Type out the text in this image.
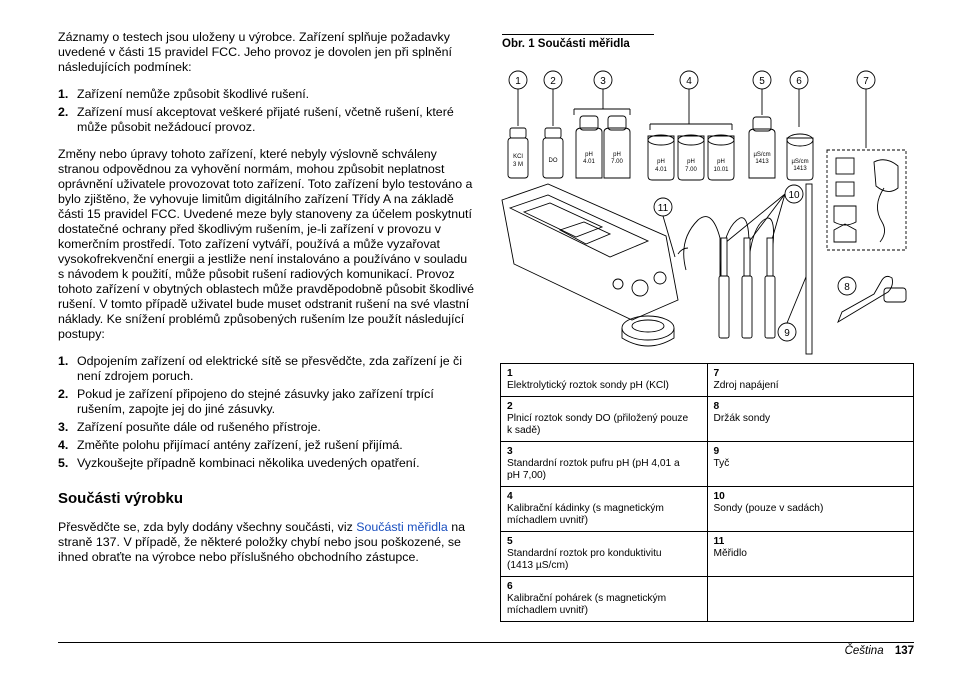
Záznamy o testech jsou uloženy u výrobce. Zařízení splňuje požadavky uvedené v části 15 pravidel FCC. Jeho provoz je dovolen jen při splnění následujících podmínek:

1. Zařízení nemůže způsobit škodlivé rušení.
2. Zařízení musí akceptovat veškeré přijaté rušení, včetně rušení, které může působit nežádoucí provoz.

Změny nebo úpravy tohoto zařízení, které nebyly výslovně schváleny stranou odpovědnou za vyhovění normám, mohou způsobit neplatnost oprávnění uživatele provozovat toto zařízení. Toto zařízení bylo testováno a bylo zjištěno, že vyhovuje limitům digitálního zařízení Třídy A na základě části 15 pravidel FCC. Uvedené meze byly stanoveny za účelem poskytnutí dostatečné ochrany před škodlivým rušením, je-li zařízení v provozu v komerčním prostředí. Toto zařízení vytváří, používá a může vyzařovat vysokofrekvenční energii a jestliže není instalováno a používáno v souladu s návodem k použití, může působit rušení radiových komunikací. Provoz tohoto zařízení v obytných oblastech může pravděpodobně působit škodlivé rušení. V tomto případě uživatel bude muset odstranit rušení na své vlastní náklady. Ke snížení problémů způsobených rušením lze použít následující postupy:

1. Odpojením zařízení od elektrické sítě se přesvědčte, zda zařízení je či není zdrojem poruch.
2. Pokud je zařízení připojeno do stejné zásuvky jako zařízení trpící rušením, zapojte jej do jiné zásuvky.
3. Zařízení posuňte dále od rušeného přístroje.
4. Změňte polohu přijímací antény zařízení, jež rušení přijímá.
5. Vyzkoušejte případně kombinaci několika uvedených opatření.
Součásti výrobku

Přesvědčte se, zda byly dodány všechny součásti, viz Součásti měřidla na straně 137. V případě, že některé položky chybí nebo jsou poškozené, se ihned obraťte na výrobce nebo příslušného obchodního zástupce.

Obr. 1 Součásti měřidla
1	2	3	4	5	6	7
8
9
10
11
KCl
3 M
DO
pH
4.01
pH
7.00	pH
4.01
pH
7.00
pH
10.01
µS/cm
1413	µS/cm
1413
1 Elektrolytický roztok sondy pH (KCl)	7 Zdroj napájení
2 Plnicí roztok sondy DO (přiložený pouze k sadě)	8 Držák sondy
3 Standardní roztok pufru pH (pH 4,01 a pH 7,00)	9 Tyč
4 Kalibrační kádinky (s magnetickým míchadlem uvnitř)	10 Sondy (pouze v sadách)
5 Standardní roztok pro konduktivitu (1413 µS/cm)	11 Měřidlo
6 Kalibrační pohárek (s magnetickým míchadlem uvnitř)	
Čeština 137
